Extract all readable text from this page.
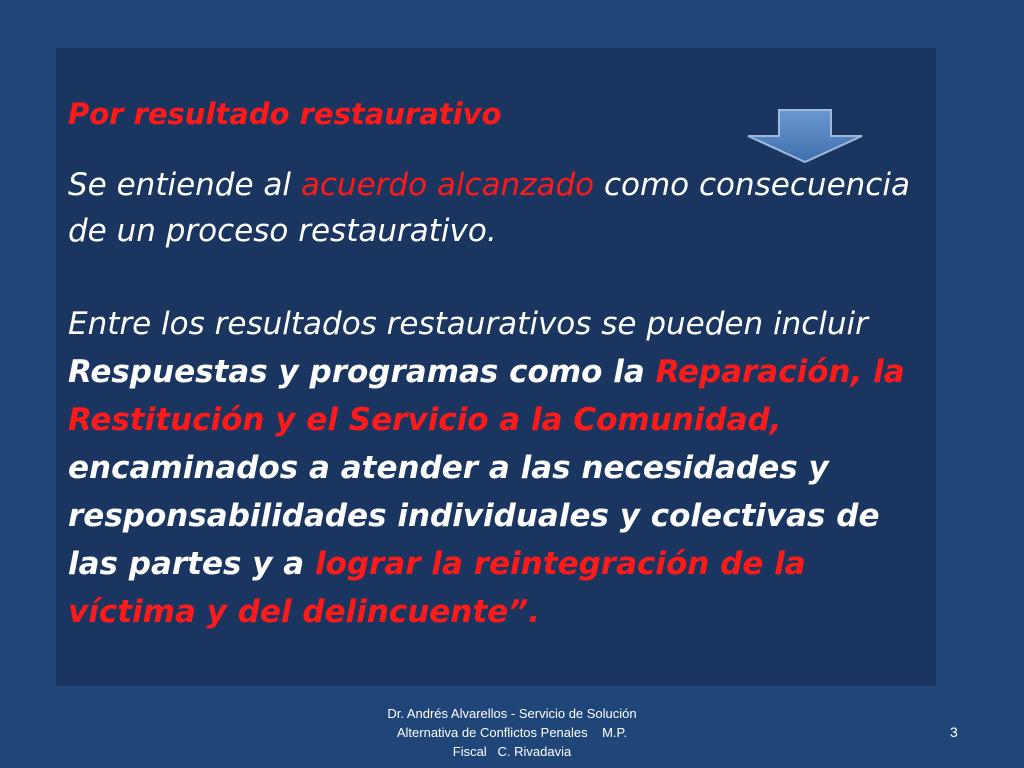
Por resultado restaurativo

Se entiende al acuerdo alcanzado como consecuencia de un proceso restaurativo.

Entre los resultados restaurativos se pueden incluir Respuestas y programas como la Reparación, la Restitución y el Servicio a la Comunidad, encaminados a atender a las necesidades y responsabilidades individuales y colectivas de las partes y a lograr la reintegración de la víctima y del delincuente”.

Dr. Andrés Alvarellos - Servicio de Solución
Alternativa de Conflictos Penales    M.P.
Fiscal   C. Rivadavia
3
